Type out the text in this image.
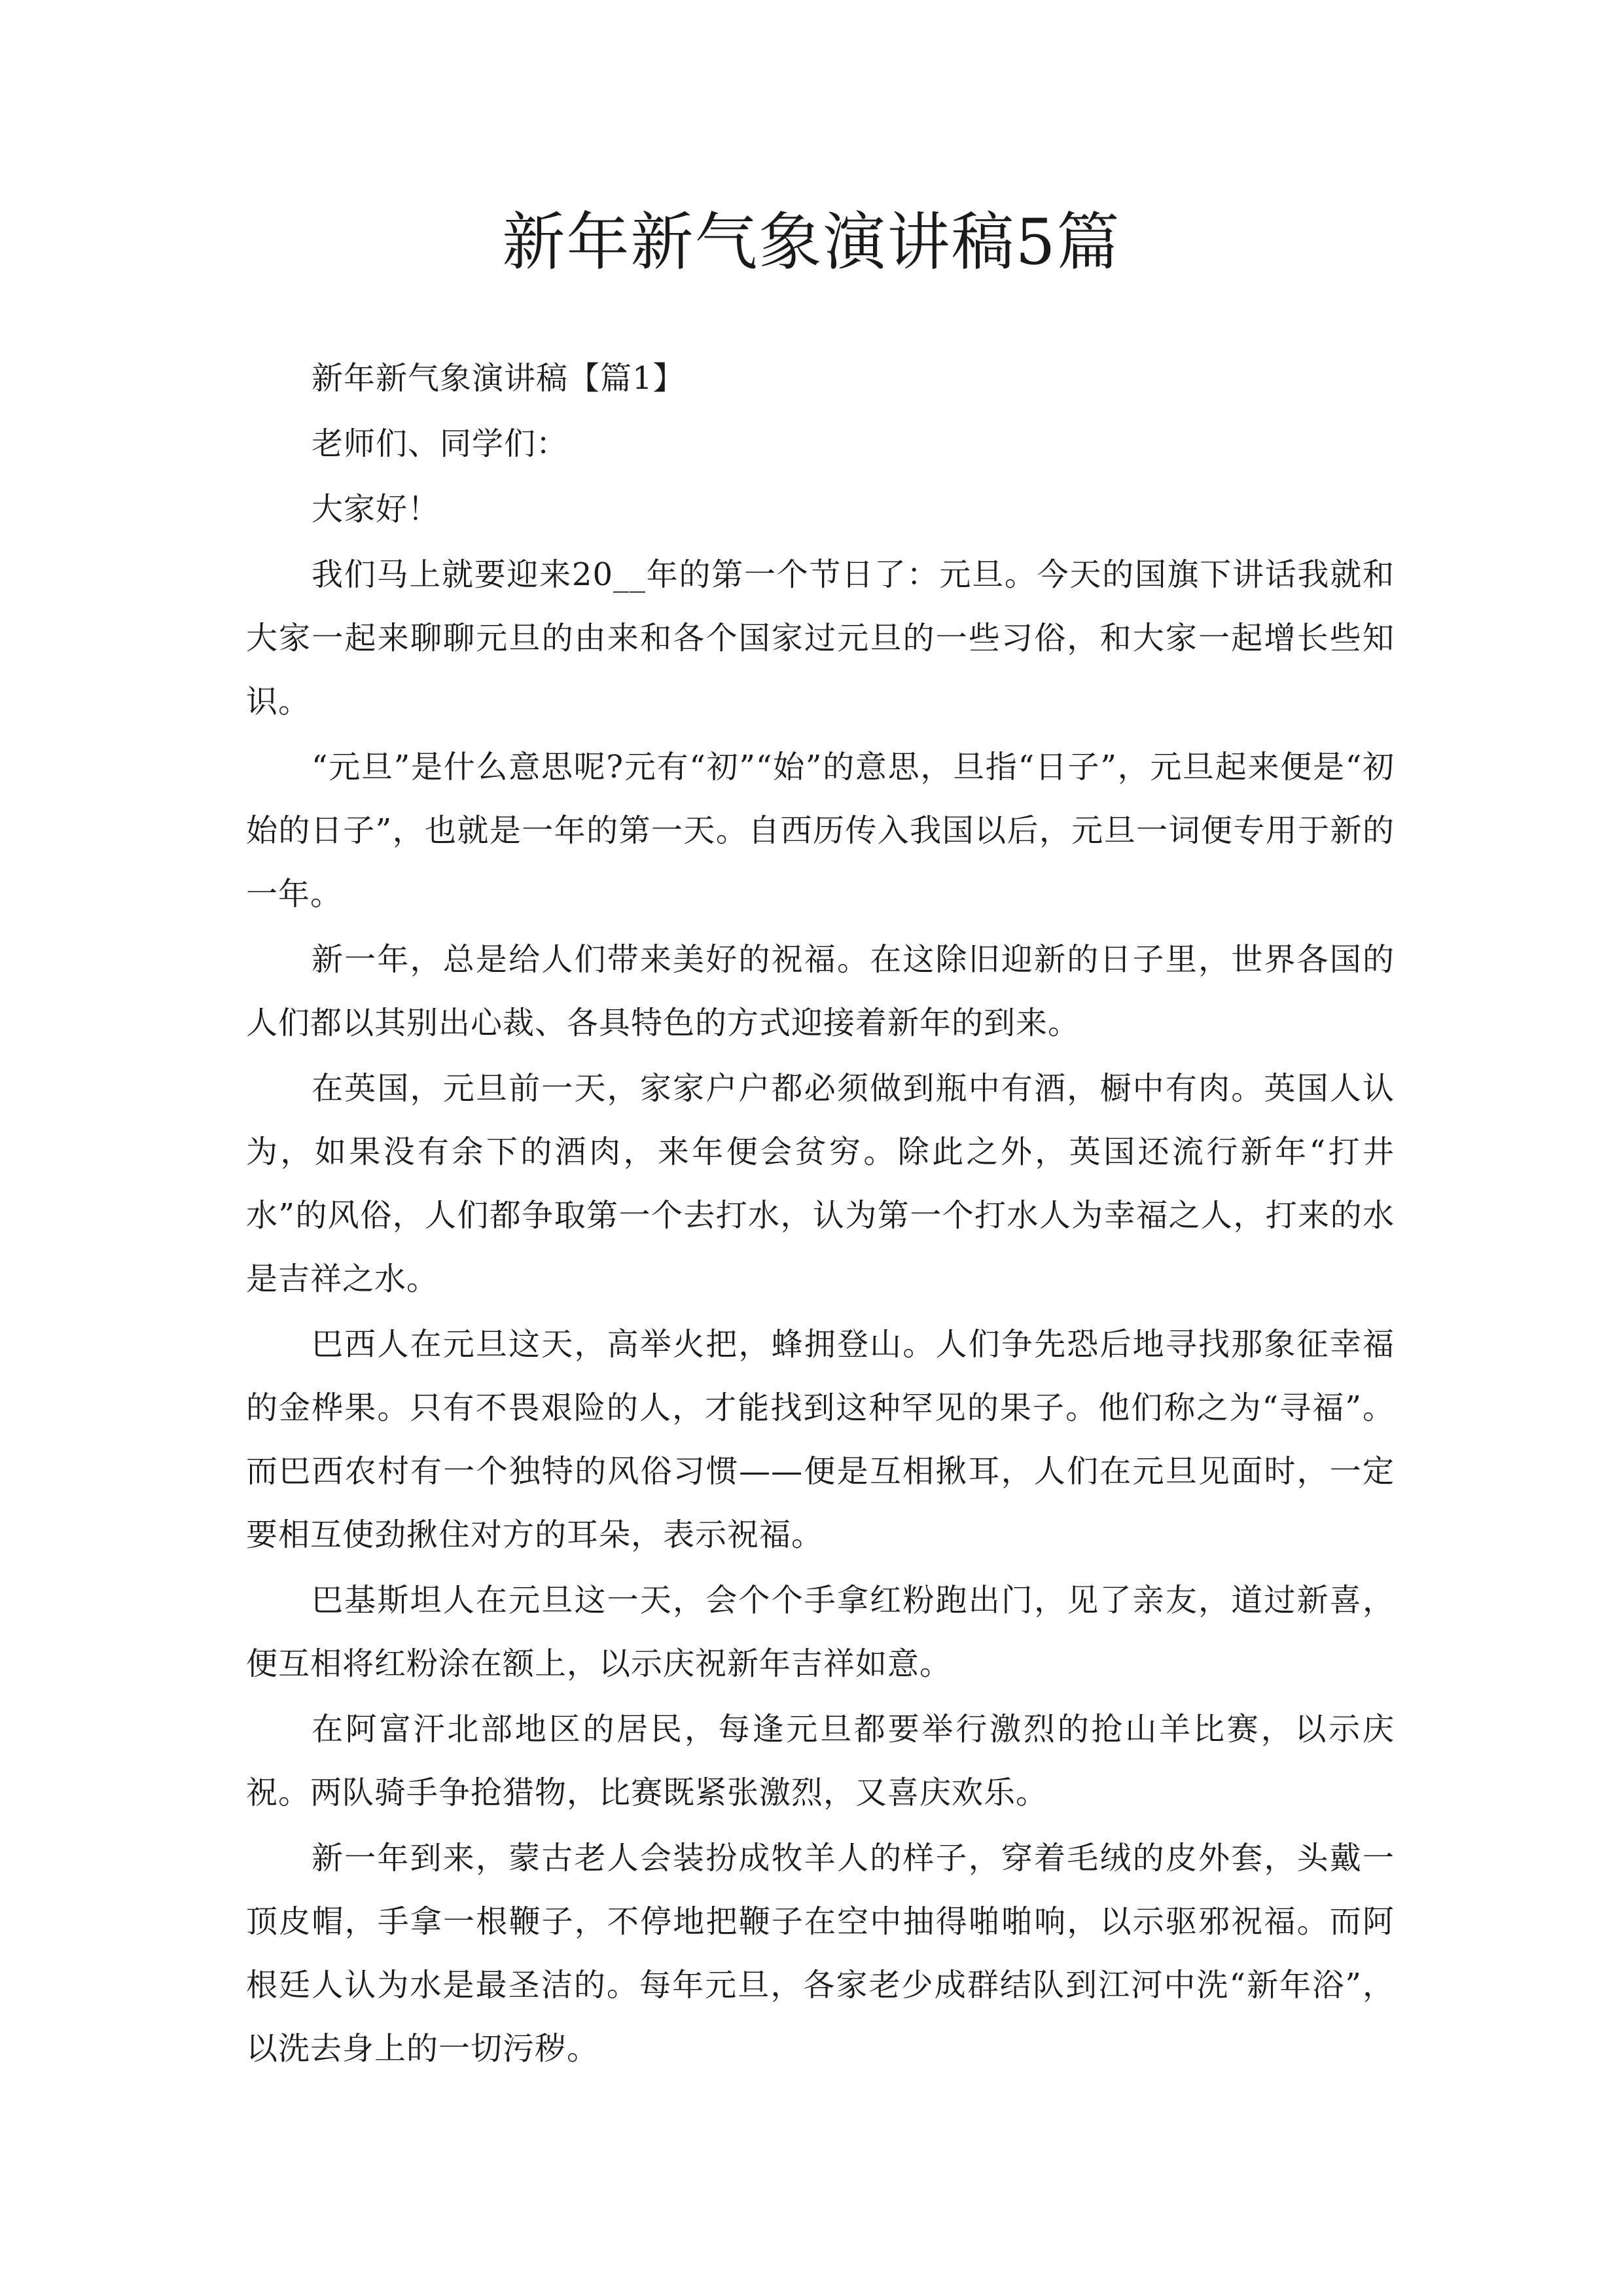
新年新气象演讲稿5篇

新年新气象演讲稿【篇1】

老师们、同学们：

大家好！

我们马上就要迎来20__年的第一个节日了：元旦。今天的国旗下讲话我就和大家一起来聊聊元旦的由来和各个国家过元旦的一些习俗，和大家一起增长些知识。

“元旦”是什么意思呢?元有“初”“始”的意思，旦指“日子”，元旦起来便是“初始的日子”，也就是一年的第一天。自西历传入我国以后，元旦一词便专用于新的一年。

新一年，总是给人们带来美好的祝福。在这除旧迎新的日子里，世界各国的人们都以其别出心裁、各具特色的方式迎接着新年的到来。

在英国，元旦前一天，家家户户都必须做到瓶中有酒，橱中有肉。英国人认为，如果没有余下的酒肉，来年便会贫穷。除此之外，英国还流行新年“打井水”的风俗，人们都争取第一个去打水，认为第一个打水人为幸福之人，打来的水是吉祥之水。

巴西人在元旦这天，高举火把，蜂拥登山。人们争先恐后地寻找那象征幸福的金桦果。只有不畏艰险的人，才能找到这种罕见的果子。他们称之为“寻福”。而巴西农村有一个独特的风俗习惯——便是互相揪耳，人们在元旦见面时，一定要相互使劲揪住对方的耳朵，表示祝福。

巴基斯坦人在元旦这一天，会个个手拿红粉跑出门，见了亲友，道过新喜，便互相将红粉涂在额上，以示庆祝新年吉祥如意。

在阿富汗北部地区的居民，每逢元旦都要举行激烈的抢山羊比赛，以示庆祝。两队骑手争抢猎物，比赛既紧张激烈，又喜庆欢乐。

新一年到来，蒙古老人会装扮成牧羊人的样子，穿着毛绒的皮外套，头戴一顶皮帽，手拿一根鞭子，不停地把鞭子在空中抽得啪啪响，以示驱邪祝福。而阿根廷人认为水是最圣洁的。每年元旦，各家老少成群结队到江河中洗“新年浴”，以洗去身上的一切污秽。
